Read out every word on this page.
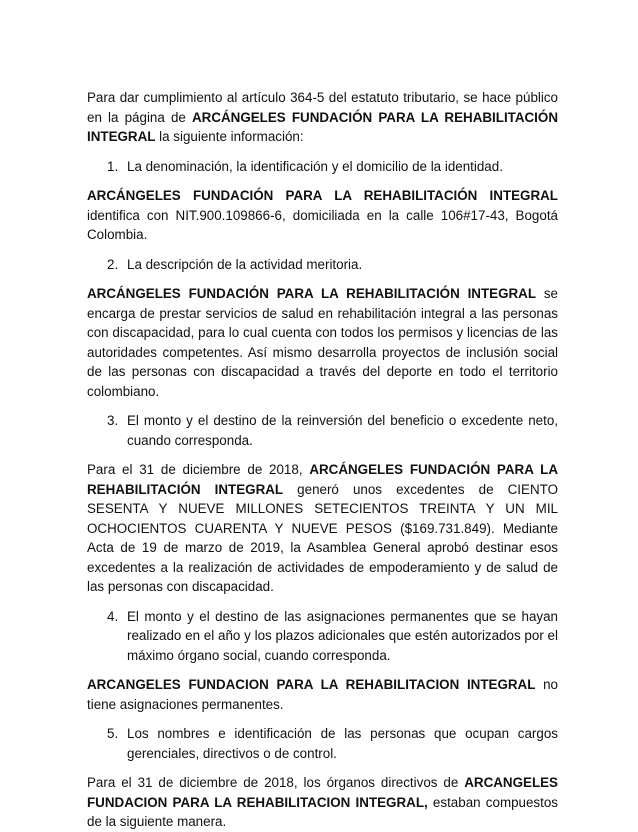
Para dar cumplimiento al artículo 364-5 del estatuto tributario, se hace público en la página de ARCÁNGELES FUNDACIÓN PARA LA REHABILITACIÓN INTEGRAL la siguiente información:

1. La denominación, la identificación y el domicilio de la identidad.

ARCÁNGELES FUNDACIÓN PARA LA REHABILITACIÓN INTEGRAL identifica con NIT.900.109866-6, domiciliada en la calle 106#17-43, Bogotá Colombia.

2. La descripción de la actividad meritoria.

ARCÁNGELES FUNDACIÓN PARA LA REHABILITACIÓN INTEGRAL se encarga de prestar servicios de salud en rehabilitación integral a las personas con discapacidad, para lo cual cuenta con todos los permisos y licencias de las autoridades competentes. Así mismo desarrolla proyectos de inclusión social de las personas con discapacidad a través del deporte en todo el territorio colombiano.

3. El monto y el destino de la reinversión del beneficio o excedente neto, cuando corresponda.

Para el 31 de diciembre de 2018, ARCÁNGELES FUNDACIÓN PARA LA REHABILITACIÓN INTEGRAL generó unos excedentes de CIENTO SESENTA Y NUEVE MILLONES SETECIENTOS TREINTA Y UN MIL OCHOCIENTOS CUARENTA Y NUEVE PESOS ($169.731.849). Mediante Acta de 19 de marzo de 2019, la Asamblea General aprobó destinar esos excedentes a la realización de actividades de empoderamiento y de salud de las personas con discapacidad.

4. El monto y el destino de las asignaciones permanentes que se hayan realizado en el año y los plazos adicionales que estén autorizados por el máximo órgano social, cuando corresponda.

ARCANGELES FUNDACION PARA LA REHABILITACION INTEGRAL no tiene asignaciones permanentes.

5. Los nombres e identificación de las personas que ocupan cargos gerenciales, directivos o de control.

Para el 31 de diciembre de 2018, los órganos directivos de ARCANGELES FUNDACION PARA LA REHABILITACION INTEGRAL, estaban compuestos de la siguiente manera.
